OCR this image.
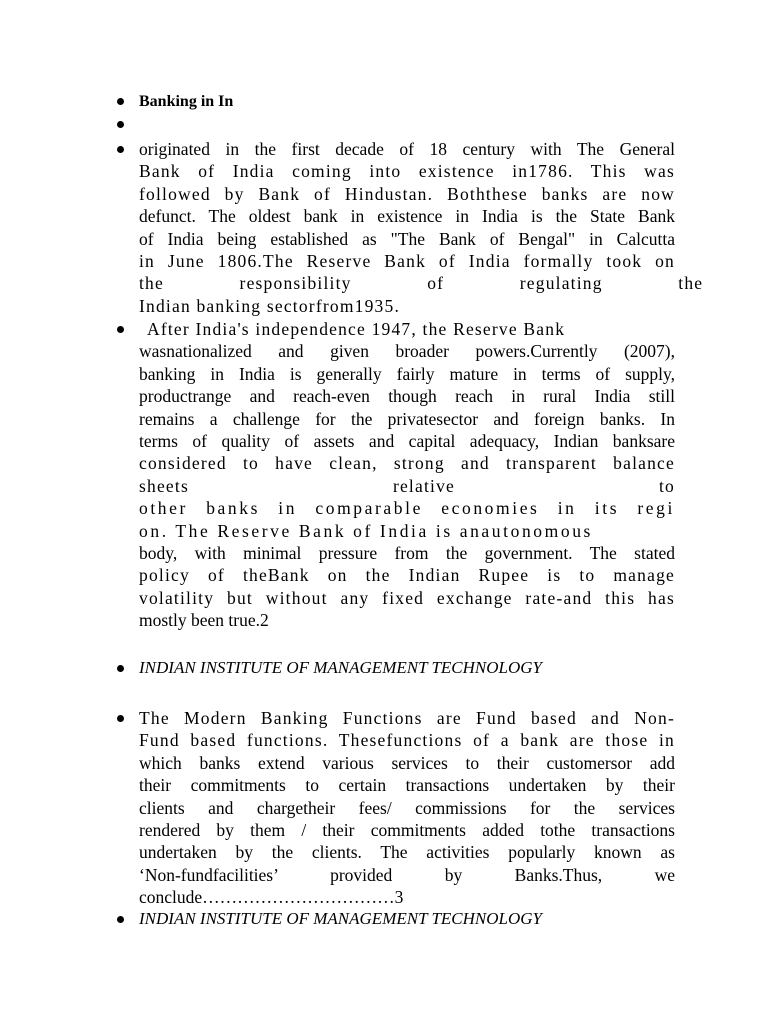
Banking in In
originated in the first decade of 18 century with The General
Bank of India coming into existence in1786. This was
followed by Bank of Hindustan. Boththese banks are now
defunct. The oldest bank in existence in India is the State Bank
of India being established as "The Bank of Bengal" in Calcutta
in June 1806.The Reserve Bank of India formally took on
the responsibility of regulating the
Indian banking sectorfrom1935.
After India's independence 1947, the Reserve Bank
wasnationalized and given broader powers.Currently (2007),
banking in India is generally fairly mature in terms of supply,
productrange and reach-even though reach in rural India still
remains a challenge for the privatesector and foreign banks. In
terms of quality of assets and capital adequacy, Indian banksare
considered to have clean, strong and transparent balance
sheets relative to
other banks in comparable economies in its regi
on. The Reserve Bank of India is anautonomous
body, with minimal pressure from the government. The stated
policy of theBank on the Indian Rupee is to manage
volatility but without any fixed exchange rate-and this has
mostly been true.2
INDIAN INSTITUTE OF MANAGEMENT TECHNOLOGY
The Modern Banking Functions are Fund based and Non-
Fund based functions. Thesefunctions of a bank are those in
which banks extend various services to their customersor add
their commitments to certain transactions undertaken by their
clients and chargetheir fees/ commissions for the services
rendered by them / their commitments added tothe transactions
undertaken by the clients. The activities popularly known as
‘Non-fundfacilities’ provided by Banks.Thus, we
conclude……………………………3
INDIAN INSTITUTE OF MANAGEMENT TECHNOLOGY
